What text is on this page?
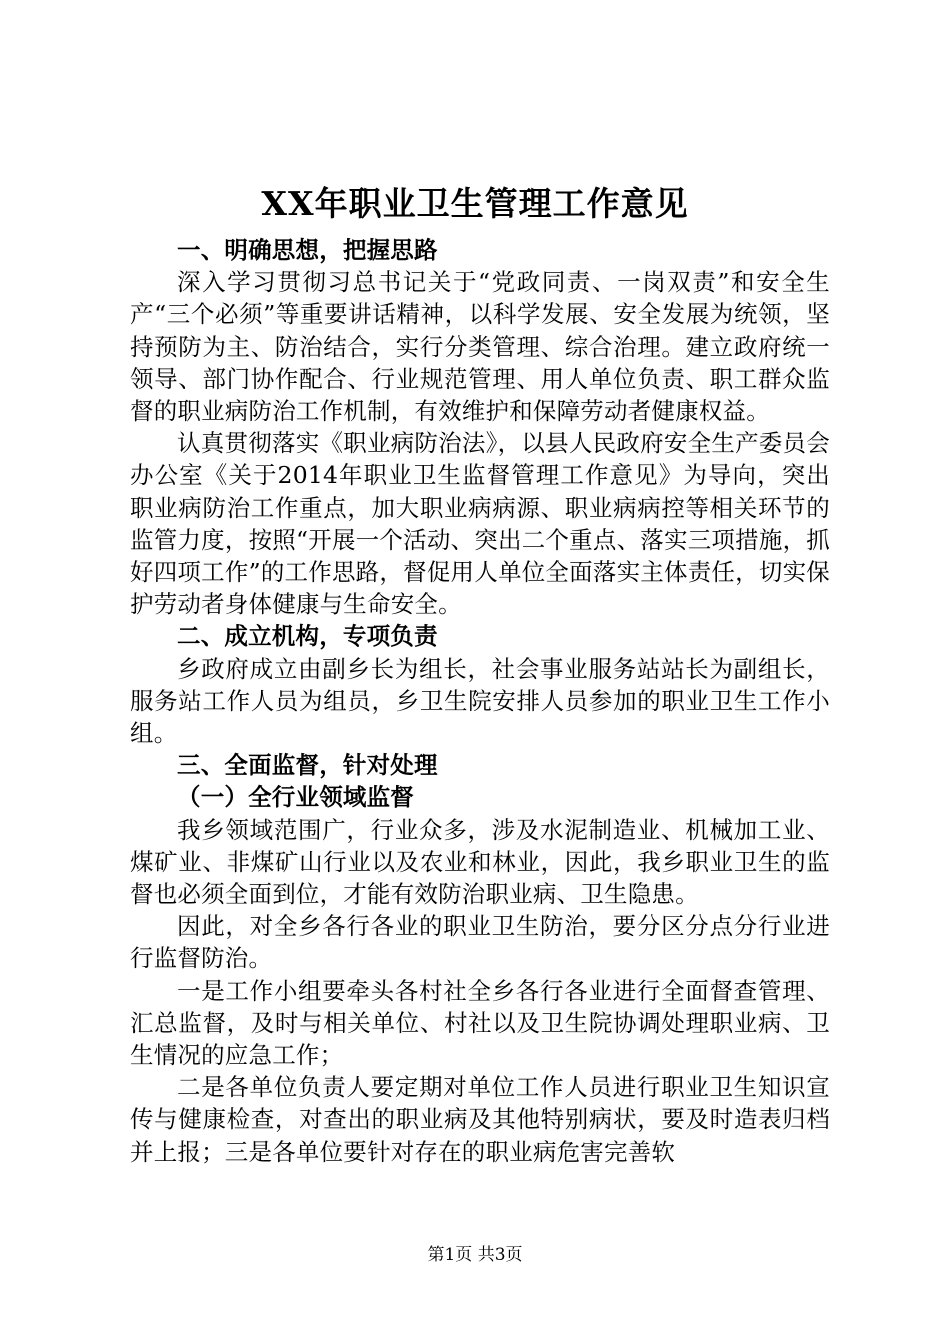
XX年职业卫生管理工作意见

一、明确思想，把握思路

深入学习贯彻习总书记关于“党政同责、一岗双责”和安全生产“三个必须”等重要讲话精神，以科学发展、安全发展为统领，坚持预防为主、防治结合，实行分类管理、综合治理。建立政府统一领导、部门协作配合、行业规范管理、用人单位负责、职工群众监督的职业病防治工作机制，有效维护和保障劳动者健康权益。

认真贯彻落实《职业病防治法》，以县人民政府安全生产委员会办公室《关于2014年职业卫生监督管理工作意见》为导向，突出职业病防治工作重点，加大职业病病源、职业病病控等相关环节的监管力度，按照“开展一个活动、突出二个重点、落实三项措施，抓好四项工作”的工作思路，督促用人单位全面落实主体责任，切实保护劳动者身体健康与生命安全。

二、成立机构，专项负责

乡政府成立由副乡长为组长，社会事业服务站站长为副组长，服务站工作人员为组员，乡卫生院安排人员参加的职业卫生工作小组。

三、全面监督，针对处理

（一）全行业领域监督

我乡领域范围广，行业众多，涉及水泥制造业、机械加工业、煤矿业、非煤矿山行业以及农业和林业，因此，我乡职业卫生的监督也必须全面到位，才能有效防治职业病、卫生隐患。

因此，对全乡各行各业的职业卫生防治，要分区分点分行业进行监督防治。

一是工作小组要牵头各村社全乡各行各业进行全面督查管理、汇总监督，及时与相关单位、村社以及卫生院协调处理职业病、卫生情况的应急工作；

二是各单位负责人要定期对单位工作人员进行职业卫生知识宣传与健康检查，对查出的职业病及其他特别病状，要及时造表归档并上报；三是各单位要针对存在的职业病危害完善软

第1页 共3页
